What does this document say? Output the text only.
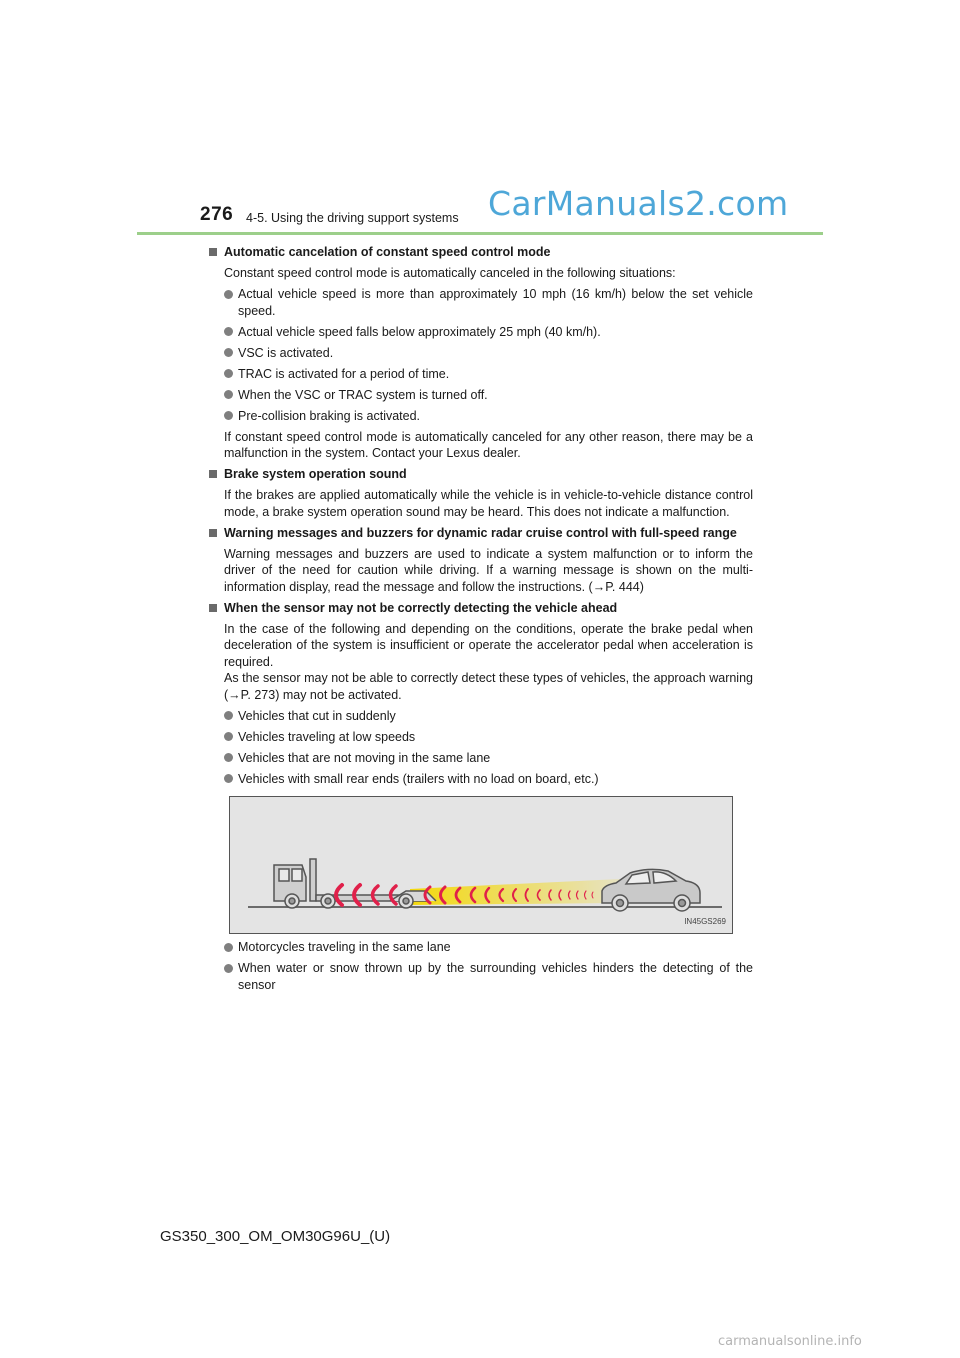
276 4-5. Using the driving support systems CarManuals2.com
Automatic cancelation of constant speed control mode
Constant speed control mode is automatically canceled in the following situations:
Actual vehicle speed is more than approximately 10 mph (16 km/h) below the set vehicle speed.
Actual vehicle speed falls below approximately 25 mph (40 km/h).
VSC is activated.
TRAC is activated for a period of time.
When the VSC or TRAC system is turned off.
Pre-collision braking is activated.
If constant speed control mode is automatically canceled for any other reason, there may be a malfunction in the system. Contact your Lexus dealer.
Brake system operation sound
If the brakes are applied automatically while the vehicle is in vehicle-to-vehicle distance control mode, a brake system operation sound may be heard. This does not indicate a malfunction.
Warning messages and buzzers for dynamic radar cruise control with full-speed range
Warning messages and buzzers are used to indicate a system malfunction or to inform the driver of the need for caution while driving. If a warning message is shown on the multi-information display, read the message and follow the instructions. (→P. 444)
When the sensor may not be correctly detecting the vehicle ahead
In the case of the following and depending on the conditions, operate the brake pedal when deceleration of the system is insufficient or operate the accelerator pedal when acceleration is required.
As the sensor may not be able to correctly detect these types of vehicles, the approach warning (→P. 273) may not be activated.
Vehicles that cut in suddenly
Vehicles traveling at low speeds
Vehicles that are not moving in the same lane
Vehicles with small rear ends (trailers with no load on board, etc.)
IN45GS269
Motorcycles traveling in the same lane
When water or snow thrown up by the surrounding vehicles hinders the detecting of the sensor
GS350_300_OM_OM30G96U_(U)
carmanualsonline.info
